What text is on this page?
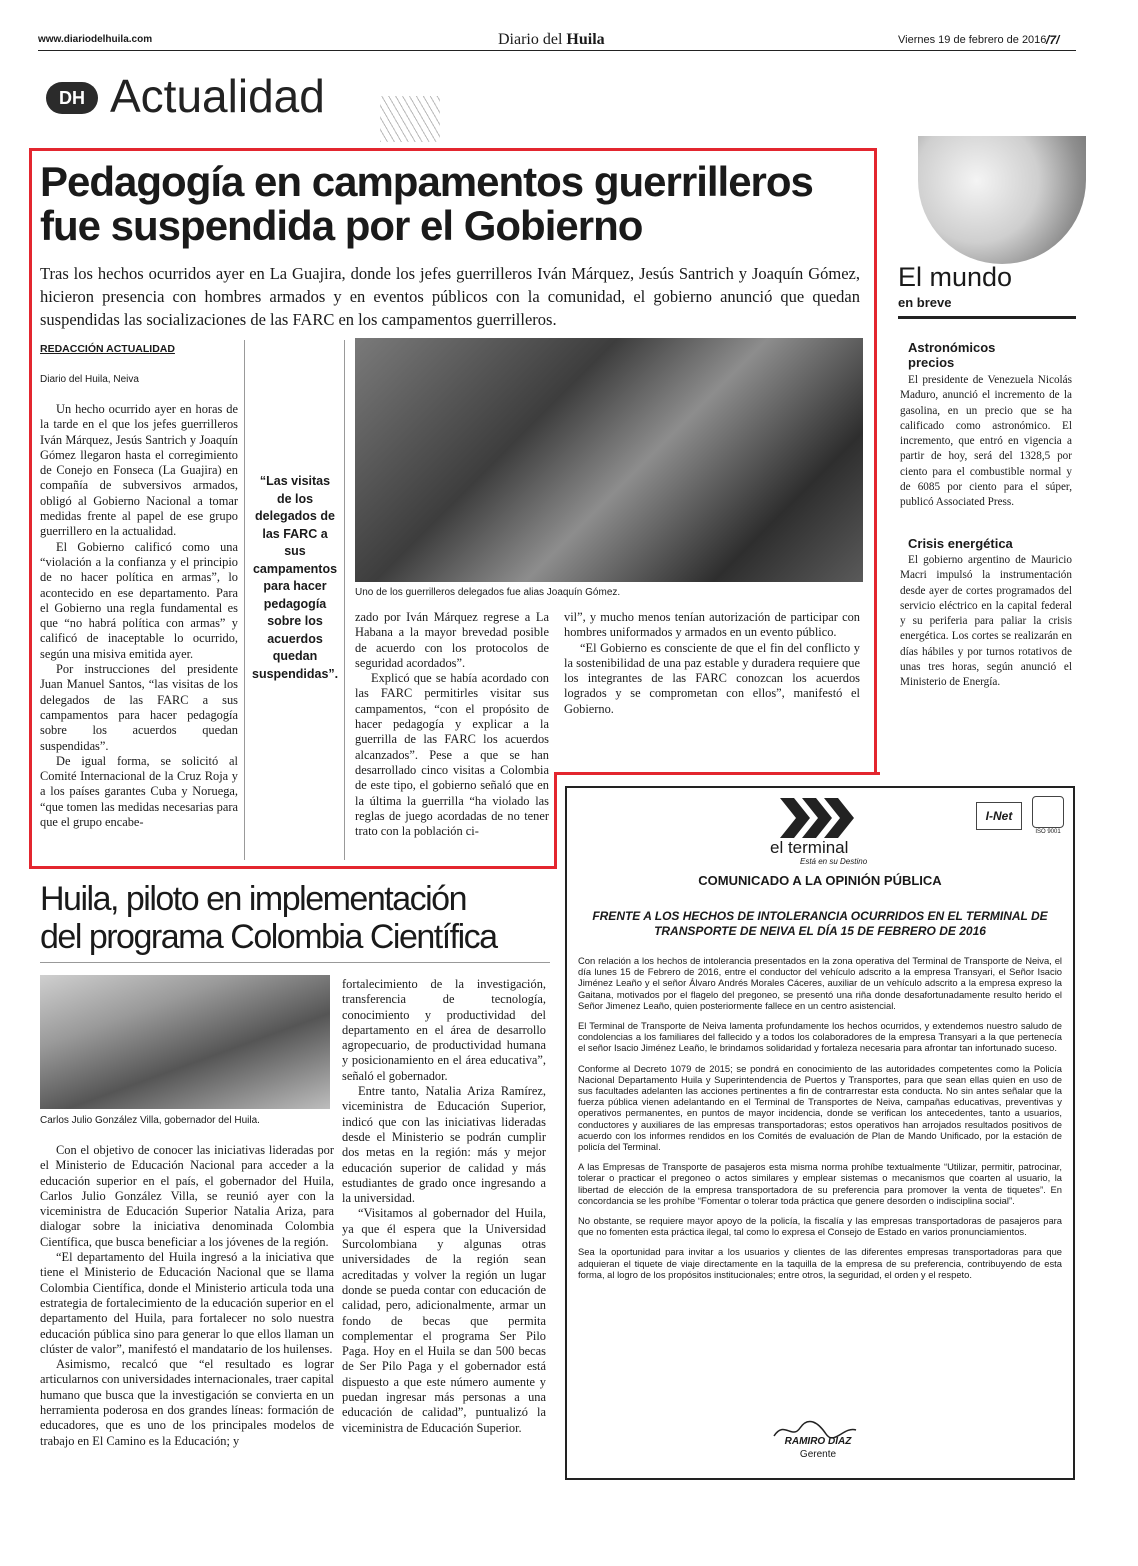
www.diariodelhuila.com	Diario del Huila	Viernes 19 de febrero de 2016 /7/
DH Actualidad
Pedagogía en campamentos guerrilleros
fue suspendida por el Gobierno
Tras los hechos ocurridos ayer en La Guajira, donde los jefes guerrilleros Iván Márquez, Jesús Santrich y Joaquín Gómez, hicieron presencia con hombres armados y en eventos públicos con la comunidad, el gobierno anunció que quedan suspendidas las socializaciones de las FARC en los campamentos guerrilleros.
REDACCIÓN ACTUALIDAD
Diario del Huila, Neiva

Un hecho ocurrido ayer en horas de la tarde en el que los jefes guerrilleros Iván Márquez, Jesús Santrich y Joaquín Gómez llegaron hasta el corregimiento de Conejo en Fonseca (La Guajira) en compañía de subversivos armados, obligó al Gobierno Nacional a tomar medidas frente al papel de ese grupo guerrillero en la actualidad.

El Gobierno calificó como una “violación a la confianza y el principio de no hacer política en armas”, lo acontecido en ese departamento. Para el Gobierno una regla fundamental es que “no habrá política con armas” y calificó de inaceptable lo ocurrido, según una misiva emitida ayer.

Por instrucciones del presidente Juan Manuel Santos, “las visitas de los delegados de las FARC a sus campamentos para hacer pedagogía sobre los acuerdos quedan suspendidas”.

De igual forma, se solicitó al Comité Internacional de la Cruz Roja y a los países garantes Cuba y Noruega, “que tomen las medidas necesarias para que el grupo encabe-

“Las visitas de los delegados de las FARC a sus campamentos para hacer pedagogía sobre los acuerdos quedan suspendidas”.
Uno de los guerrilleros delegados fue alias Joaquín Gómez.

zado por Iván Márquez regrese a La Habana a la mayor brevedad posible de acuerdo con los protocolos de seguridad acordados”.

Explicó que se había acordado con las FARC permitirles visitar sus campamentos, “con el propósito de hacer pedagogía y explicar a la guerrilla de las FARC los acuerdos alcanzados”. Pese a que se han desarrollado cinco visitas a Colombia de este tipo, el gobierno señaló que en la última la guerrilla “ha violado las reglas de juego acordadas de no tener trato con la población ci-

vil”, y mucho menos tenían autorización de participar con hombres uniformados y armados en un evento público.

“El Gobierno es consciente de que el fin del conflicto y la sostenibilidad de una paz estable y duradera requiere que los integrantes de las FARC conozcan los acuerdos logrados y se comprometan con ellos”, manifestó el Gobierno.

El mundo
en breve
Astronómicos
precios
El presidente de Venezuela Nicolás Maduro, anunció el incremento de la gasolina, en un precio que se ha calificado como astronómico. El incremento, que entró en vigencia a partir de hoy, será del 1328,5 por ciento para el combustible normal y de 6085 por ciento para el súper, publicó Associated Press.
Crisis energética
El gobierno argentino de Mauricio Macri impulsó la instrumentación desde ayer de cortes programados del servicio eléctrico en la capital federal y su periferia para paliar la crisis energética. Los cortes se realizarán en días hábiles y por turnos rotativos de unas tres horas, según anunció el Ministerio de Energía.
Huila, piloto en implementación
del programa Colombia Científica
Carlos Julio González Villa, gobernador del Huila.

Con el objetivo de conocer las iniciativas lideradas por el Ministerio de Educación Nacional para acceder a la educación superior en el país, el gobernador del Huila, Carlos Julio González Villa, se reunió ayer con la viceministra de Educación Superior Natalia Ariza, para dialogar sobre la iniciativa denominada Colombia Científica, que busca beneficiar a los jóvenes de la región.

“El departamento del Huila ingresó a la iniciativa que tiene el Ministerio de Educación Nacional que se llama Colombia Científica, donde el Ministerio articula toda una estrategia de fortalecimiento de la educación superior en el departamento del Huila, para fortalecer no solo nuestra educación pública sino para generar lo que ellos llaman un clúster de valor”, manifestó el mandatario de los huilenses.

Asimismo, recalcó que “el resultado es lograr articularnos con universidades internacionales, traer capital humano que busca que la investigación se convierta en un herramienta poderosa en dos grandes líneas: formación de educadores, que es uno de los principales modelos de trabajo en El Camino es la Educación; y

fortalecimiento de la investigación, transferencia de tecnología, conocimiento y productividad del departamento en el área de desarrollo agropecuario, de productividad humana y posicionamiento en el área educativa”, señaló el gobernador.

Entre tanto, Natalia Ariza Ramírez, viceministra de Educación Superior, indicó que con las iniciativas lideradas desde el Ministerio se podrán cumplir dos metas en la región: más y mejor educación superior de calidad y más estudiantes de grado once ingresando a la universidad.

“Visitamos al gobernador del Huila, ya que él espera que la Universidad Surcolombiana y algunas otras universidades de la región sean acreditadas y volver la región un lugar donde se pueda contar con educación de calidad, pero, adicionalmente, armar un fondo de becas que permita complementar el programa Ser Pilo Paga. Hoy en el Huila se dan 500 becas de Ser Pilo Paga y el gobernador está dispuesto a que este número aumente y puedan ingresar más personas a una educación de calidad”, puntualizó la viceministra de Educación Superior.

el terminal
Está en su Destino
I-Net
ISO 9001
COMUNICADO A LA OPINIÓN PÚBLICA
FRENTE A LOS HECHOS DE INTOLERANCIA OCURRIDOS EN EL TERMINAL DE
TRANSPORTE DE NEIVA EL DÍA 15 DE FEBRERO DE 2016

Con relación a los hechos de intolerancia presentados en la zona operativa del Terminal de Transporte de Neiva, el día lunes 15 de Febrero de 2016, entre el conductor del vehículo adscrito a la empresa Transyari, el Señor Isacio Jiménez Leaño y el señor Álvaro Andrés Morales Cáceres, auxiliar de un vehículo adscrito a la empresa expreso la Gaitana, motivados por el flagelo del pregoneo, se presentó una riña donde desafortunadamente resulto herido el Señor Jimenez Leaño, quien posteriormente fallece en un centro asistencial.

El Terminal de Transporte de Neiva lamenta profundamente los hechos ocurridos, y extendemos nuestro saludo de condolencias a los familiares del fallecido y a todos los colaboradores de la empresa Transyari a la que pertenecía el señor Isacio Jiménez Leaño, le brindamos solidaridad y fortaleza necesaria para afrontar tan infortunado suceso.

Conforme al Decreto 1079 de 2015; se pondrá en conocimiento de las autoridades competentes como la Policía Nacional Departamento Huila y Superintendencia de Puertos y Transportes, para que sean ellas quien en uso de sus facultades adelanten las acciones pertinentes a fin de contrarrestar esta conducta. No sin antes señalar que la fuerza pública vienen adelantando en el Terminal de Transportes de Neiva, campañas educativas, preventivas y operativos permanentes, en puntos de mayor incidencia, donde se verifican los antecedentes, tanto a usuarios, conductores y auxiliares de las empresas transportadoras; estos operativos han arrojados resultados positivos de acuerdo con los informes rendidos en los Comités de evaluación de Plan de Mando Unificado, por la estación de policía del Terminal.

A las Empresas de Transporte de pasajeros esta misma norma prohíbe textualmente “Utilizar, permitir, patrocinar, tolerar o practicar el pregoneo o actos similares y emplear sistemas o mecanismos que coarten al usuario, la libertad de elección de la empresa transportadora de su preferencia para promover la venta de tiquetes”. En concordancia se les prohíbe “Fomentar o tolerar toda práctica que genere desorden o indisciplina social”.

No obstante, se requiere mayor apoyo de la policía, la fiscalía y las empresas transportadoras de pasajeros para que no fomenten esta práctica ilegal, tal como lo expresa el Consejo de Estado en varios pronunciamientos.

Sea la oportunidad para invitar a los usuarios y clientes de las diferentes empresas transportadoras para que adquieran el tiquete de viaje directamente en la taquilla de la empresa de su preferencia, contribuyendo de esta forma, al logro de los propósitos institucionales; entre otros, la seguridad, el orden y el respeto.

RAMIRO DIAZ
Gerente
